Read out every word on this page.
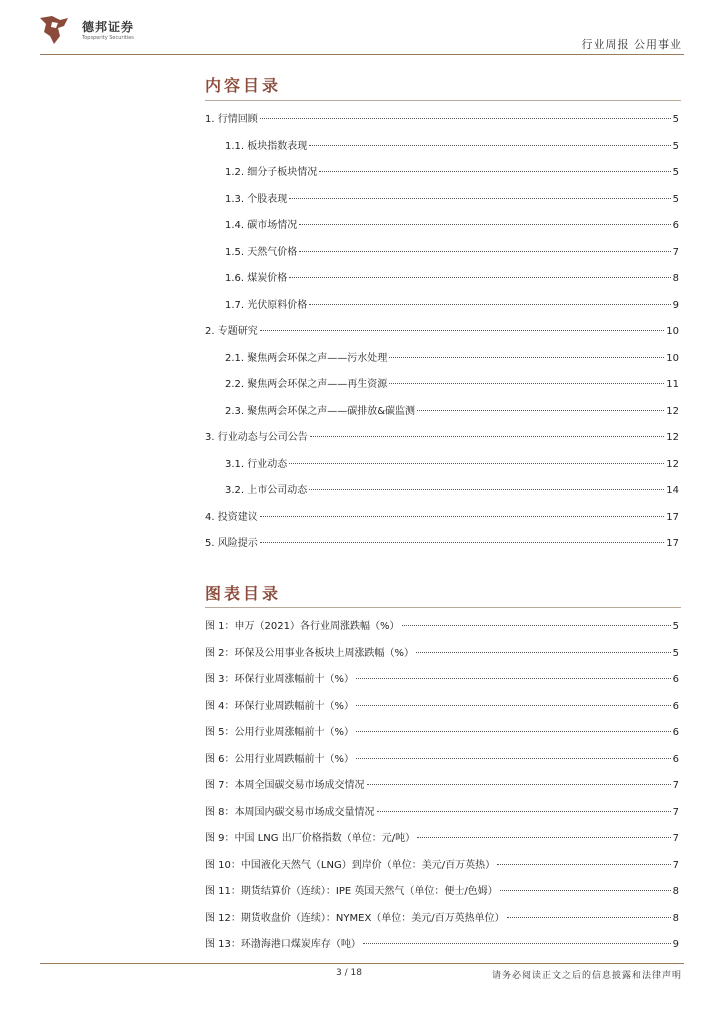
德邦证券
Topsperity Securities	行业周报 公用事业
内容目录
1. 行情回顾	5
1.1. 板块指数表现	5
1.2. 细分子板块情况	5
1.3. 个股表现	5
1.4. 碳市场情况	6
1.5. 天然气价格	7
1.6. 煤炭价格	8
1.7. 光伏原料价格	9
2. 专题研究	10
2.1. 聚焦两会环保之声——污水处理	10
2.2. 聚焦两会环保之声——再生资源	11
2.3. 聚焦两会环保之声——碳排放&碳监测	12
3. 行业动态与公司公告	12
3.1. 行业动态	12
3.2. 上市公司动态	14
4. 投资建议	17
5. 风险提示	17
图表目录
图 1：申万（2021）各行业周涨跌幅（%）	5
图 2：环保及公用事业各板块上周涨跌幅（%）	5
图 3：环保行业周涨幅前十（%）	6
图 4：环保行业周跌幅前十（%）	6
图 5：公用行业周涨幅前十（%）	6
图 6：公用行业周跌幅前十（%）	6
图 7：本周全国碳交易市场成交情况	7
图 8：本周国内碳交易市场成交量情况	7
图 9：中国 LNG 出厂价格指数（单位：元/吨）	7
图 10：中国液化天然气（LNG）到岸价（单位：美元/百万英热）	7
图 11：期货结算价（连续）：IPE 英国天然气（单位：便士/色姆）	8
图 12：期货收盘价（连续）：NYMEX（单位：美元/百万英热单位）	8
图 13：环渤海港口煤炭库存（吨）	9
3 / 18	请务必阅读正文之后的信息披露和法律声明
